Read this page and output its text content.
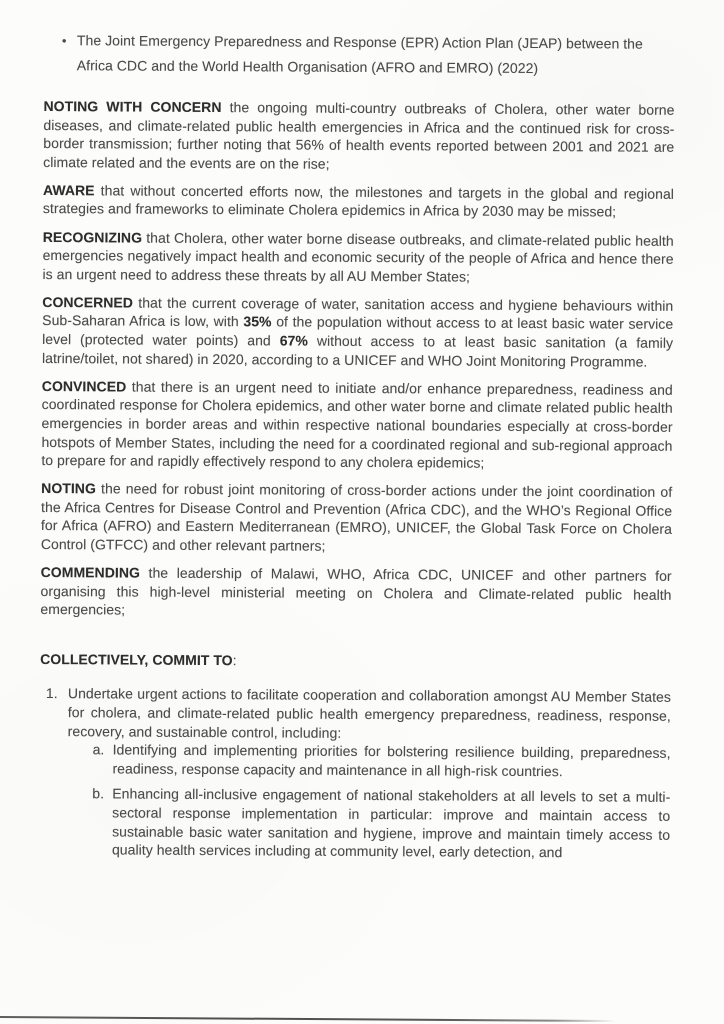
• The Joint Emergency Preparedness and Response (EPR) Action Plan (JEAP) between the Africa CDC and the World Health Organisation (AFRO and EMRO) (2022)

NOTING WITH CONCERN the ongoing multi-country outbreaks of Cholera, other water borne diseases, and climate-related public health emergencies in Africa and the continued risk for cross-border transmission; further noting that 56% of health events reported between 2001 and 2021 are climate related and the events are on the rise;

AWARE that without concerted efforts now, the milestones and targets in the global and regional strategies and frameworks to eliminate Cholera epidemics in Africa by 2030 may be missed;

RECOGNIZING that Cholera, other water borne disease outbreaks, and climate-related public health emergencies negatively impact health and economic security of the people of Africa and hence there is an urgent need to address these threats by all AU Member States;

CONCERNED that the current coverage of water, sanitation access and hygiene behaviours within Sub-Saharan Africa is low, with 35% of the population without access to at least basic water service level (protected water points) and 67% without access to at least basic sanitation (a family latrine/toilet, not shared) in 2020, according to a UNICEF and WHO Joint Monitoring Programme.

CONVINCED that there is an urgent need to initiate and/or enhance preparedness, readiness and coordinated response for Cholera epidemics, and other water borne and climate related public health emergencies in border areas and within respective national boundaries especially at cross-border hotspots of Member States, including the need for a coordinated regional and sub-regional approach to prepare for and rapidly effectively respond to any cholera epidemics;

NOTING the need for robust joint monitoring of cross-border actions under the joint coordination of the Africa Centres for Disease Control and Prevention (Africa CDC), and the WHO’s Regional Office for Africa (AFRO) and Eastern Mediterranean (EMRO), UNICEF, the Global Task Force on Cholera Control (GTFCC) and other relevant partners;

COMMENDING the leadership of Malawi, WHO, Africa CDC, UNICEF and other partners for organising this high-level ministerial meeting on Cholera and Climate-related public health emergencies;

COLLECTIVELY, COMMIT TO:

1. Undertake urgent actions to facilitate cooperation and collaboration amongst AU Member States for cholera, and climate-related public health emergency preparedness, readiness, response, recovery, and sustainable control, including:
a. Identifying and implementing priorities for bolstering resilience building, preparedness, readiness, response capacity and maintenance in all high-risk countries.
b. Enhancing all-inclusive engagement of national stakeholders at all levels to set a multi-sectoral response implementation in particular: improve and maintain access to sustainable basic water sanitation and hygiene, improve and maintain timely access to quality health services including at community level, early detection, and
